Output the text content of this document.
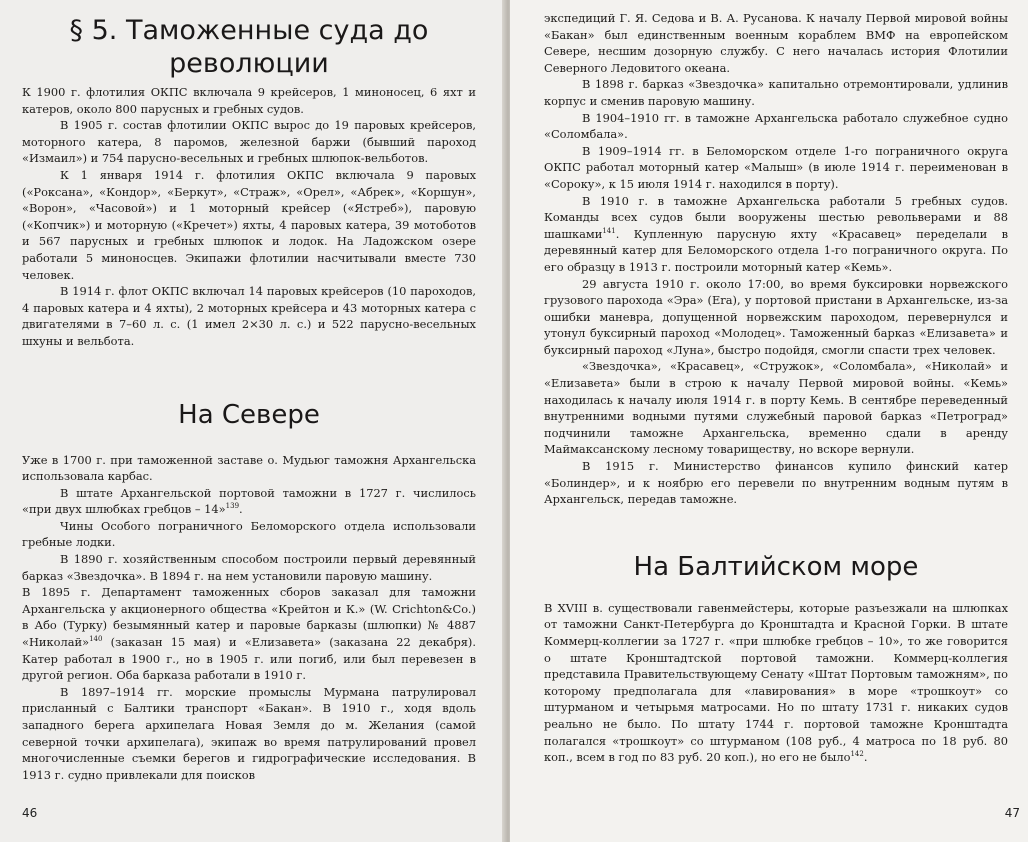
§ 5. Таможенные суда до революции

К 1900 г. флотилия ОКПС включала 9 крейсеров, 1 миноносец, 6 яхт и катеров, около 800 парусных и гребных судов.

В 1905 г. состав флотилии ОКПС вырос до 19 паровых крейсеров, моторного катера, 8 паромов, железной баржи (бывший пароход «Измаил») и 754 парусно-весельных и гребных шлюпок-вельботов.

К 1 января 1914 г. флотилия ОКПС включала 9 паровых («Роксана», «Кондор», «Беркут», «Страж», «Орел», «Абрек», «Коршун», «Ворон», «Часовой») и 1 моторный крейсер («Ястреб»), паровую («Копчик») и моторную («Кречет») яхты, 4 паровых катера, 39 мотоботов и 567 парусных и гребных шлюпок и лодок. На Ладожском озере работали 5 миноносцев. Экипажи флотилии насчитывали вместе 730 человек.

В 1914 г. флот ОКПС включал 14 паровых крейсеров (10 пароходов, 4 паровых катера и 4 яхты), 2 моторных крейсера и 43 моторных катера с двигателями в 7–60 л. с. (1 имел 2×30 л. с.) и 522 парусно-весельных шхуны и вельбота.

На Севере

Уже в 1700 г. при таможенной заставе о. Мудьюг таможня Архангельска использовала карбас.

В штате Архангельской портовой таможни в 1727 г. числилось «при двух шлюбках гребцов – 14»$^{139}$.

Чины Особого пограничного Беломорского отдела использовали гребные лодки.

В 1890 г. хозяйственным способом построили первый деревянный барказ «Звездочка». В 1894 г. на нем установили паровую машину.

В 1895 г. Департамент таможенных сборов заказал для таможни Архангельска у акционерного общества «Крейтон и К.» (W. Crichton&Co.) в Або (Турку) безымянный катер и паровые барказы (шлюпки) № 4887 «Николай»$^{140}$ (заказан 15 мая) и «Елизавета» (заказана 22 декабря). Катер работал в 1900 г., но в 1905 г. или погиб, или был перевезен в другой регион. Оба барказа работали в 1910 г.

В 1897–1914 гг. морские промыслы Мурмана патрулировал присланный с Балтики транспорт «Бакан». В 1910 г., ходя вдоль западного берега архипелага Новая Земля до м. Желания (самой северной точки архипелага), экипаж во время патрулирований провел многочисленные съемки берегов и гидрографические исследования. В 1913 г. судно привлекали для поисков

46

экспедиций Г. Я. Седова и В. А. Русанова. К началу Первой мировой войны «Бакан» был единственным военным кораблем ВМФ на европейском Севере, несшим дозорную службу. С него началась история Флотилии Северного Ледовитого океана.

В 1898 г. барказ «Звездочка» капитально отремонтировали, удлинив корпус и сменив паровую машину.

В 1904–1910 гг. в таможне Архангельска работало служебное судно «Соломбала».

В 1909–1914 гг. в Беломорском отделе 1-го пограничного округа ОКПС работал моторный катер «Малыш» (в июле 1914 г. переименован в «Сороку», к 15 июля 1914 г. находился в порту).

В 1910 г. в таможне Архангельска работали 5 гребных судов. Команды всех судов были вооружены шестью револьверами и 88 шашками$^{141}$. Купленную парусную яхту «Красавец» переделали в деревянный катер для Беломорского отдела 1-го пограничного округа. По его образцу в 1913 г. построили моторный катер «Кемь».

29 августа 1910 г. около 17:00, во время буксировки норвежского грузового парохода «Эра» (Era), у портовой пристани в Архангельске, из-за ошибки маневра, допущенной норвежским пароходом, перевернулся и утонул буксирный пароход «Молодец». Таможенный барказ «Елизавета» и буксирный пароход «Луна», быстро подойдя, смогли спасти трех человек.

«Звездочка», «Красавец», «Стружок», «Соломбала», «Николай» и «Елизавета» были в строю к началу Первой мировой войны. «Кемь» находилась к началу июля 1914 г. в порту Кемь. В сентябре переведенный внутренними водными путями служебный паровой барказ «Петроград» подчинили таможне Архангельска, временно сдали в аренду Маймаксанскому лесному товариществу, но вскоре вернули.

В 1915 г. Министерство финансов купило финский катер «Болиндер», и к ноябрю его перевели по внутренним водным путям в Архангельск, передав таможне.

На Балтийском море

В XVIII в. существовали гавенмейстеры, которые разъезжали на шлюпках от таможни Санкт-Петербурга до Кронштадта и Красной Горки. В штате Коммерц-коллегии за 1727 г. «при шлюбке гребцов – 10», то же говорится о штате Кронштадтской портовой таможни. Коммерц-коллегия представила Правительствующему Сенату «Штат Портовым таможням», по которому предполагала для «лавирования» в море «трошкоут» со штурманом и четырьмя матросами. Но по штату 1731 г. никаких судов реально не было. По штату 1744 г. портовой таможне Кронштадта полагался «трошкоут» со штурманом (108 руб., 4 матроса по 18 руб. 80 коп., всем в год по 83 руб. 20 коп.), но его не было$^{142}$.

47
